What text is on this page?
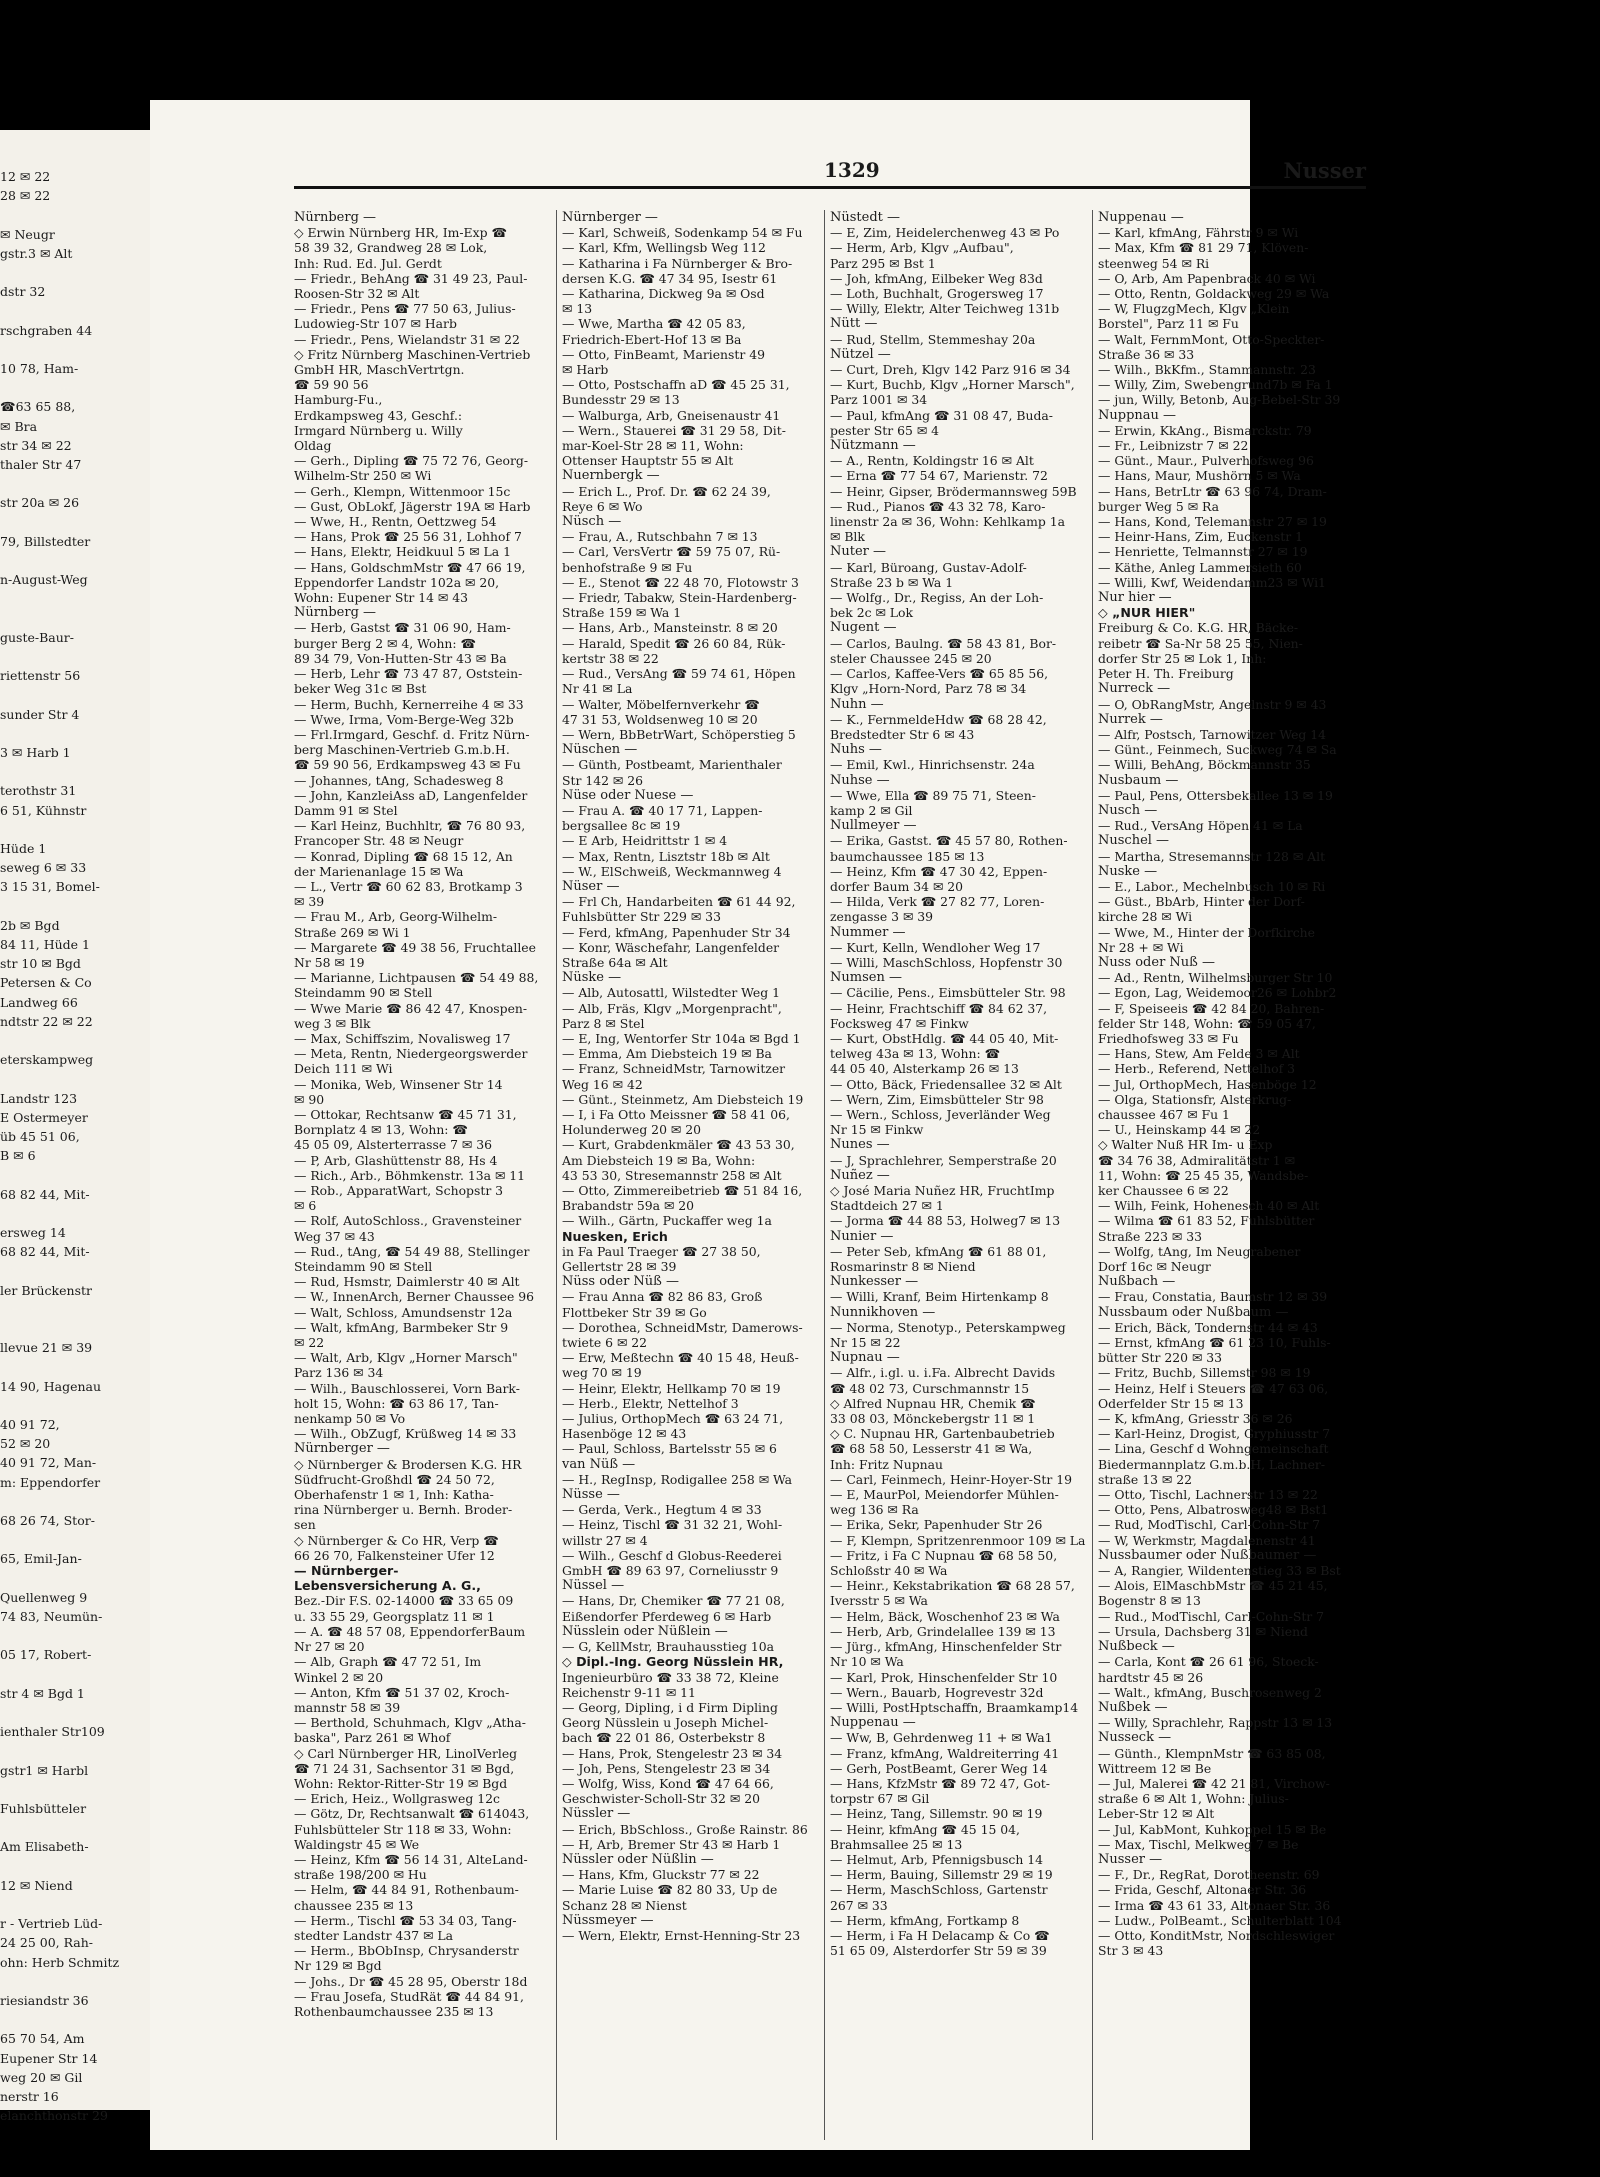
12 ✉ 22
28 ✉ 22
✉ Neugr
gstr.3 ✉ Alt
dstr 32
rschgraben 44
10 78, Ham-
☎63 65 88,
✉ Bra
str 34 ✉ 22
thaler Str 47
str 20a ✉ 26
79, Billstedter
n-August-Weg
guste-Baur-
riettenstr 56
sunder Str 4
3 ✉ Harb 1
terothstr 31
6 51, Kühnstr
Hüde 1
seweg 6 ✉ 33
3 15 31, Bomel-
2b ✉ Bgd
84 11, Hüde 1
str 10 ✉ Bgd
Petersen & Co
Landweg 66
ndtstr 22 ✉ 22
eterskampweg
Landstr 123
E Ostermeyer
üb 45 51 06,
B ✉ 6
68 82 44, Mit-
ersweg 14
68 82 44, Mit-
ler Brückenstr
llevue 21 ✉ 39
14 90, Hagenau
40 91 72,
52 ✉ 20
40 91 72, Man-
m: Eppendorfer
68 26 74, Stor-
65, Emil-Jan-
Quellenweg 9
74 83, Neumün-
05 17, Robert-
str 4 ✉ Bgd 1
ienthaler Str109
gstr1 ✉ Harbl
Fuhlsbütteler
Am Elisabeth-
12 ✉ Niend
r - Vertrieb Lüd-
24 25 00, Rah-
ohn: Herb Schmitz
riesiandstr 36
65 70 54, Am
Eupener Str 14
weg 20 ✉ Gil
nerstr 16
elanchthonstr 29
1329	Nusser
Nürnberg —
◇ Erwin Nürnberg HR, Im-Exp ☎
58 39 32, Grandweg 28 ✉ Lok,
Inh: Rud. Ed. Jul. Gerdt
— Friedr., BehAng ☎ 31 49 23, Paul-
Roosen-Str 32 ✉ Alt
— Friedr., Pens ☎ 77 50 63, Julius-
Ludowieg-Str 107 ✉ Harb
— Friedr., Pens, Wielandstr 31 ✉ 22
◇ Fritz Nürnberg Maschinen-Vertrieb
GmbH HR, MaschVertrtgn.
☎ 59 90 56
Hamburg-Fu.,
Erdkampsweg 43, Geschf.:
Irmgard Nürnberg u. Willy
Oldag
— Gerh., Dipling ☎ 75 72 76, Georg-
Wilhelm-Str 250 ✉ Wi
— Gerh., Klempn, Wittenmoor 15c
— Gust, ObLokf, Jägerstr 19A ✉ Harb
— Wwe, H., Rentn, Oettzweg 54
— Hans, Prok ☎ 25 56 31, Lohhof 7
— Hans, Elektr, Heidkuul 5 ✉ La 1
— Hans, GoldschmMstr ☎ 47 66 19,
Eppendorfer Landstr 102a ✉ 20,
Wohn: Eupener Str 14 ✉ 43
Nürnberg —
— Herb, Gastst ☎ 31 06 90, Ham-
burger Berg 2 ✉ 4, Wohn: ☎
89 34 79, Von-Hutten-Str 43 ✉ Ba
— Herb, Lehr ☎ 73 47 87, Oststein-
beker Weg 31c ✉ Bst
— Herm, Buchh, Kernerreihe 4 ✉ 33
— Wwe, Irma, Vom-Berge-Weg 32b
— Frl.Irmgard, Geschf. d. Fritz Nürn-
berg Maschinen-Vertrieb G.m.b.H.
☎ 59 90 56, Erdkampsweg 43 ✉ Fu
— Johannes, tAng, Schadesweg 8
— John, KanzleiAss aD, Langenfelder
Damm 91 ✉ Stel
— Karl Heinz, Buchhltr, ☎ 76 80 93,
Francoper Str. 48 ✉ Neugr
— Konrad, Dipling ☎ 68 15 12, An
der Marienanlage 15 ✉ Wa
— L., Vertr ☎ 60 62 83, Brotkamp 3
✉ 39
— Frau M., Arb, Georg-Wilhelm-
Straße 269 ✉ Wi 1
— Margarete ☎ 49 38 56, Fruchtallee
Nr 58 ✉ 19
— Marianne, Lichtpausen ☎ 54 49 88,
Steindamm 90 ✉ Stell
— Wwe Marie ☎ 86 42 47, Knospen-
weg 3 ✉ Blk
— Max, Schiffszim, Novalisweg 17
— Meta, Rentn, Niedergeorgswerder
Deich 111 ✉ Wi
— Monika, Web, Winsener Str 14
✉ 90
— Ottokar, Rechtsanw ☎ 45 71 31,
Bornplatz 4 ✉ 13, Wohn: ☎
45 05 09, Alsterterrasse 7 ✉ 36
— P, Arb, Glashüttenstr 88, Hs 4
— Rich., Arb., Böhmkenstr. 13a ✉ 11
— Rob., ApparatWart, Schopstr 3
✉ 6
— Rolf, AutoSchloss., Gravensteiner
Weg 37 ✉ 43
— Rud., tAng, ☎ 54 49 88, Stellinger
Steindamm 90 ✉ Stell
— Rud, Hsmstr, Daimlerstr 40 ✉ Alt
— W., InnenArch, Berner Chaussee 96
— Walt, Schloss, Amundsenstr 12a
— Walt, kfmAng, Barmbeker Str 9
✉ 22
— Walt, Arb, Klgv „Horner Marsch"
Parz 136 ✉ 34
— Wilh., Bauschlosserei, Vorn Bark-
holt 15, Wohn: ☎ 63 86 17, Tan-
nenkamp 50 ✉ Vo
— Wilh., ObZugf, Krüßweg 14 ✉ 33
Nürnberger —
◇ Nürnberger & Brodersen K.G. HR
Südfrucht-Großhdl ☎ 24 50 72,
Oberhafenstr 1 ✉ 1, Inh: Katha-
rina Nürnberger u. Bernh. Broder-
sen
◇ Nürnberger & Co HR, Verp ☎
66 26 70, Falkensteiner Ufer 12
— Nürnberger-
Lebensversicherung A. G.,
Bez.-Dir F.S. 02-14000 ☎ 33 65 09
u. 33 55 29, Georgsplatz 11 ✉ 1
— A. ☎ 48 57 08, EppendorferBaum
Nr 27 ✉ 20
— Alb, Graph ☎ 47 72 51, Im
Winkel 2 ✉ 20
— Anton, Kfm ☎ 51 37 02, Kroch-
mannstr 58 ✉ 39
— Berthold, Schuhmach, Klgv „Atha-
baska", Parz 261 ✉ Whof
◇ Carl Nürnberger HR, LinolVerleg
☎ 71 24 31, Sachsentor 31 ✉ Bgd,
Wohn: Rektor-Ritter-Str 19 ✉ Bgd
— Erich, Heiz., Wollgrasweg 12c
— Götz, Dr, Rechtsanwalt ☎ 614043,
Fuhlsbütteler Str 118 ✉ 33, Wohn:
Waldingstr 45 ✉ We
— Heinz, Kfm ☎ 56 14 31, AlteLand-
straße 198/200 ✉ Hu
— Helm, ☎ 44 84 91, Rothenbaum-
chaussee 235 ✉ 13
— Herm., Tischl ☎ 53 34 03, Tang-
stedter Landstr 437 ✉ La
— Herm., BbObInsp, Chrysanderstr
Nr 129 ✉ Bgd
— Johs., Dr ☎ 45 28 95, Oberstr 18d
— Frau Josefa, StudRät ☎ 44 84 91,
Rothenbaumchaussee 235 ✉ 13
Nürnberger —
— Karl, Schweiß, Sodenkamp 54 ✉ Fu
— Karl, Kfm, Wellingsb Weg 112
— Katharina i Fa Nürnberger & Bro-
dersen K.G. ☎ 47 34 95, Isestr 61
— Katharina, Dickweg 9a ✉ Osd
✉ 13
— Wwe, Martha ☎ 42 05 83,
Friedrich-Ebert-Hof 13 ✉ Ba
— Otto, FinBeamt, Marienstr 49
✉ Harb
— Otto, Postschaffn aD ☎ 45 25 31,
Bundesstr 29 ✉ 13
— Walburga, Arb, Gneisenaustr 41
— Wern., Stauerei ☎ 31 29 58, Dit-
mar-Koel-Str 28 ✉ 11, Wohn:
Ottenser Hauptstr 55 ✉ Alt
Nuernbergk —
— Erich L., Prof. Dr. ☎ 62 24 39,
Reye 6 ✉ Wo
Nüsch —
— Frau, A., Rutschbahn 7 ✉ 13
— Carl, VersVertr ☎ 59 75 07, Rü-
benhofstraße 9 ✉ Fu
— E., Stenot ☎ 22 48 70, Flotowstr 3
— Friedr, Tabakw, Stein-Hardenberg-
Straße 159 ✉ Wa 1
— Hans, Arb., Mansteinstr. 8 ✉ 20
— Harald, Spedit ☎ 26 60 84, Rük-
kertstr 38 ✉ 22
— Rud., VersAng ☎ 59 74 61, Höpen
Nr 41 ✉ La
— Walter, Möbelfernverkehr ☎
47 31 53, Woldsenweg 10 ✉ 20
— Wern, BbBetrWart, Schöperstieg 5
Nüschen —
— Günth, Postbeamt, Marienthaler
Str 142 ✉ 26
Nüse oder Nuese —
— Frau A. ☎ 40 17 71, Lappen-
bergsallee 8c ✉ 19
— E Arb, Heidrittstr 1 ✉ 4
— Max, Rentn, Lisztstr 18b ✉ Alt
— W., ElSchweiß, Weckmannweg 4
Nüser —
— Frl Ch, Handarbeiten ☎ 61 44 92,
Fuhlsbütter Str 229 ✉ 33
— Ferd, kfmAng, Papenhuder Str 34
— Konr, Wäschefahr, Langenfelder
Straße 64a ✉ Alt
Nüske —
— Alb, Autosattl, Wilstedter Weg 1
— Alb, Fräs, Klgv „Morgenpracht",
Parz 8 ✉ Stel
— E, Ing, Wentorfer Str 104a ✉ Bgd 1
— Emma, Am Diebsteich 19 ✉ Ba
— Franz, SchneidMstr, Tarnowitzer
Weg 16 ✉ 42
— Günt., Steinmetz, Am Diebsteich 19
— I, i Fa Otto Meissner ☎ 58 41 06,
Holunderweg 20 ✉ 20
— Kurt, Grabdenkmäler ☎ 43 53 30,
Am Diebsteich 19 ✉ Ba, Wohn:
43 53 30, Stresemannstr 258 ✉ Alt
— Otto, Zimmereibetrieb ☎ 51 84 16,
Brabandstr 59a ✉ 20
— Wilh., Gärtn, Puckaffer weg 1a
Nuesken, Erich
in Fa Paul Traeger ☎ 27 38 50,
Gellertstr 28 ✉ 39
Nüss oder Nüß —
— Frau Anna ☎ 82 86 83, Groß
Flottbeker Str 39 ✉ Go
— Dorothea, SchneidMstr, Damerows-
twiete 6 ✉ 22
— Erw, Meßtechn ☎ 40 15 48, Heuß-
weg 70 ✉ 19
— Heinr, Elektr, Hellkamp 70 ✉ 19
— Herb., Elektr, Nettelhof 3
— Julius, OrthopMech ☎ 63 24 71,
Hasenböge 12 ✉ 43
— Paul, Schloss, Bartelsstr 55 ✉ 6
van Nüß —
— H., RegInsp, Rodigallee 258 ✉ Wa
Nüsse —
— Gerda, Verk., Hegtum 4 ✉ 33
— Heinz, Tischl ☎ 31 32 21, Wohl-
willstr 27 ✉ 4
— Wilh., Geschf d Globus-Reederei
GmbH ☎ 89 63 97, Corneliusstr 9
Nüssel —
— Hans, Dr, Chemiker ☎ 77 21 08,
Eißendorfer Pferdeweg 6 ✉ Harb
Nüsslein oder Nüßlein —
— G, KellMstr, Brauhausstieg 10a
◇ Dipl.-Ing. Georg Nüsslein HR,
Ingenieurbüro ☎ 33 38 72, Kleine
Reichenstr 9-11 ✉ 11
— Georg, Dipling, i d Firm Dipling
Georg Nüsslein u Joseph Michel-
bach ☎ 22 01 86, Osterbekstr 8
— Hans, Prok, Stengelestr 23 ✉ 34
— Joh, Pens, Stengelestr 23 ✉ 34
— Wolfg, Wiss, Kond ☎ 47 64 66,
Geschwister-Scholl-Str 32 ✉ 20
Nüssler —
— Erich, BbSchloss., Große Rainstr. 86
— H, Arb, Bremer Str 43 ✉ Harb 1
Nüssler oder Nüßlin —
— Hans, Kfm, Gluckstr 77 ✉ 22
— Marie Luise ☎ 82 80 33, Up de
Schanz 28 ✉ Nienst
Nüssmeyer —
— Wern, Elektr, Ernst-Henning-Str 23
Nüstedt —
— E, Zim, Heidelerchenweg 43 ✉ Po
— Herm, Arb, Klgv „Aufbau",
Parz 295 ✉ Bst 1
— Joh, kfmAng, Eilbeker Weg 83d
— Loth, Buchhalt, Grogersweg 17
— Willy, Elektr, Alter Teichweg 131b
Nütt —
— Rud, Stellm, Stemmeshay 20a
Nützel —
— Curt, Dreh, Klgv 142 Parz 916 ✉ 34
— Kurt, Buchb, Klgv „Horner Marsch",
Parz 1001 ✉ 34
— Paul, kfmAng ☎ 31 08 47, Buda-
pester Str 65 ✉ 4
Nützmann —
— A., Rentn, Koldingstr 16 ✉ Alt
— Erna ☎ 77 54 67, Marienstr. 72
— Heinr, Gipser, Brödermannsweg 59B
— Rud., Pianos ☎ 43 32 78, Karo-
linenstr 2a ✉ 36, Wohn: Kehlkamp 1a
✉ Blk
Nuter —
— Karl, Büroang, Gustav-Adolf-
Straße 23 b ✉ Wa 1
— Wolfg., Dr., Regiss, An der Loh-
bek 2c ✉ Lok
Nugent —
— Carlos, Baulng. ☎ 58 43 81, Bor-
steler Chaussee 245 ✉ 20
— Carlos, Kaffee-Vers ☎ 65 85 56,
Klgv „Horn-Nord, Parz 78 ✉ 34
Nuhn —
— K., FernmeldeHdw ☎ 68 28 42,
Bredstedter Str 6 ✉ 43
Nuhs —
— Emil, Kwl., Hinrichsenstr. 24a
Nuhse —
— Wwe, Ella ☎ 89 75 71, Steen-
kamp 2 ✉ Gil
Nullmeyer —
— Erika, Gastst. ☎ 45 57 80, Rothen-
baumchaussee 185 ✉ 13
— Heinz, Kfm ☎ 47 30 42, Eppen-
dorfer Baum 34 ✉ 20
— Hilda, Verk ☎ 27 82 77, Loren-
zengasse 3 ✉ 39
Nummer —
— Kurt, Kelln, Wendloher Weg 17
— Willi, MaschSchloss, Hopfenstr 30
Numsen —
— Cäcilie, Pens., Eimsbütteler Str. 98
— Heinr, Frachtschiff ☎ 84 62 37,
Focksweg 47 ✉ Finkw
— Kurt, ObstHdlg. ☎ 44 05 40, Mit-
telweg 43a ✉ 13, Wohn: ☎
44 05 40, Alsterkamp 26 ✉ 13
— Otto, Bäck, Friedensallee 32 ✉ Alt
— Wern, Zim, Eimsbütteler Str 98
— Wern., Schloss, Jeverländer Weg
Nr 15 ✉ Finkw
Nunes —
— J, Sprachlehrer, Semperstraße 20
Nuñez —
◇ José Maria Nuñez HR, FruchtImp
Stadtdeich 27 ✉ 1
— Jorma ☎ 44 88 53, Holweg7 ✉ 13
Nunier —
— Peter Seb, kfmAng ☎ 61 88 01,
Rosmarinstr 8 ✉ Niend
Nunkesser —
— Willi, Kranf, Beim Hirtenkamp 8
Nunnikhoven —
— Norma, Stenotyp., Peterskampweg
Nr 15 ✉ 22
Nupnau —
— Alfr., i.gl. u. i.Fa. Albrecht Davids
☎ 48 02 73, Curschmannstr 15
◇ Alfred Nupnau HR, Chemik ☎
33 08 03, Mönckebergstr 11 ✉ 1
◇ C. Nupnau HR, Gartenbaubetrieb
☎ 68 58 50, Lesserstr 41 ✉ Wa,
Inh: Fritz Nupnau
— Carl, Feinmech, Heinr-Hoyer-Str 19
— E, MaurPol, Meiendorfer Mühlen-
weg 136 ✉ Ra
— Erika, Sekr, Papenhuder Str 26
— F, Klempn, Spritzenrenmoor 109 ✉ La
— Fritz, i Fa C Nupnau ☎ 68 58 50,
Schloßstr 40 ✉ Wa
— Heinr., Kekstabrikation ☎ 68 28 57,
Iversstr 5 ✉ Wa
— Helm, Bäck, Woschenhof 23 ✉ Wa
— Herb, Arb, Grindelallee 139 ✉ 13
— Jürg., kfmAng, Hinschenfelder Str
Nr 10 ✉ Wa
— Karl, Prok, Hinschenfelder Str 10
— Wern., Bauarb, Hogrevestr 32d
— Willi, PostHptschaffn, Braamkamp14
Nuppenau —
— Ww, B, Gehrdenweg 11 + ✉ Wa1
— Franz, kfmAng, Waldreiterring 41
— Gerh, PostBeamt, Gerer Weg 14
— Hans, KfzMstr ☎ 89 72 47, Got-
torpstr 67 ✉ Gil
— Heinz, Tang, Sillemstr. 90 ✉ 19
— Heinr, kfmAng ☎ 45 15 04,
Brahmsallee 25 ✉ 13
— Helmut, Arb, Pfennigsbusch 14
— Herm, Bauing, Sillemstr 29 ✉ 19
— Herm, MaschSchloss, Gartenstr
267 ✉ 33
— Herm, kfmAng, Fortkamp 8
— Herm, i Fa H Delacamp & Co ☎
51 65 09, Alsterdorfer Str 59 ✉ 39
Nuppenau —
— Karl, kfmAng, Fährstr 9 ✉ Wi
— Max, Kfm ☎ 81 29 71, Klöven-
steenweg 54 ✉ Ri
— O, Arb, Am Papenbrack 40 ✉ Wi
— Otto, Rentn, Goldackweg 29 ✉ Wa
— W, FlugzgMech, Klgv „Klein
Borstel", Parz 11 ✉ Fu
— Walt, FernmMont, Otto-Speckter-
Straße 36 ✉ 33
— Wilh., BkKfm., Stammannstr. 23
— Willy, Zim, Swebengrund7b ✉ Fa 1
— jun, Willy, Betonb, Aug-Bebel-Str 39
Nuppnau —
— Erwin, KkAng., Bismarckstr. 79
— Fr., Leibnizstr 7 ✉ 22
— Günt., Maur., Pulverhofsweg 96
— Hans, Maur, Mushörn 5 ✉ Wa
— Hans, BetrLtr ☎ 63 96 74, Dram-
burger Weg 5 ✉ Ra
— Hans, Kond, Telemannstr 27 ✉ 19
— Heinr-Hans, Zim, Euckenstr 1
— Henriette, Telmannstr 27 ✉ 19
— Käthe, Anleg Lammersieth 60
— Willi, Kwf, Weidendamm23 ✉ Wi1
Nur hier —
◇ „NUR HIER"
Freiburg & Co. K.G. HR, Bäcke-
reibetr ☎ Sa-Nr 58 25 55, Nien-
dorfer Str 25 ✉ Lok 1, Inh:
Peter H. Th. Freiburg
Nurreck —
— O, ObRangMstr, Angelnstr 9 ✉ 43
Nurrek —
— Alfr, Postsch, Tarnowitzer Weg 14
— Günt., Feinmech, Suckweg 74 ✉ Sa
— Willi, BehAng, Böckmannstr 35
Nusbaum —
— Paul, Pens, Ottersbekallee 13 ✉ 19
Nusch —
— Rud., VersAng Höpen 41 ✉ La
Nuschel —
— Martha, Stresemannstr 128 ✉ Alt
Nuske —
— E., Labor., Mechelnbusch 10 ✉ Ri
— Güst., BbArb, Hinter der Dorf-
kirche 28 ✉ Wi
— Wwe, M., Hinter der Dorfkirche
Nr 28 + ✉ Wi
Nuss oder Nuß —
— Ad., Rentn, Wilhelmsburger Str 10
— Egon, Lag, Weidemoor26 ✉ Lohbr2
— F, Speiseeis ☎ 42 84 20, Bahren-
felder Str 148, Wohn: ☎ 59 05 47,
Friedhofsweg 33 ✉ Fu
— Hans, Stew, Am Felde 3 ✉ Alt
— Herb., Referend, Nettelhof 3
— Jul, OrthopMech, Hasenböge 12
— Olga, Stationsfr, Alsterkrug-
chaussee 467 ✉ Fu 1
— U., Heinskamp 44 ✉ 22
◇ Walter Nuß HR Im- u Exp
☎ 34 76 38, Admiralitätstr 1 ✉
11, Wohn: ☎ 25 45 35, Wandsbe-
ker Chaussee 6 ✉ 22
— Wilh, Feink, Hohenesch 40 ✉ Alt
— Wilma ☎ 61 83 52, Fuhlsbütter
Straße 223 ✉ 33
— Wolfg, tAng, Im Neugrabener
Dorf 16c ✉ Neugr
Nußbach —
— Frau, Constatia, Baumstr 12 ✉ 39
Nussbaum oder Nußbaum —
— Erich, Bäck, Tondernstr 44 ✉ 43
— Ernst, kfmAng ☎ 61 23 10, Fuhls-
bütter Str 220 ✉ 33
— Fritz, Buchb, Sillemstr 98 ✉ 19
— Heinz, Helf i Steuers ☎ 47 63 06,
Oderfelder Str 15 ✉ 13
— K, kfmAng, Griesstr 36 ✉ 26
— Karl-Heinz, Drogist, Gryphiusstr 7
— Lina, Geschf d Wohngemeinschaft
Biedermannplatz G.m.b.H, Lachner-
straße 13 ✉ 22
— Otto, Tischl, Lachnerstr 13 ✉ 22
— Otto, Pens, Albatrosweg48 ✉ Bst1
— Rud, ModTischl, Carl-Cohn-Str 7
— W, Werkmstr, Magdalenenstr 41
Nussbaumer oder Nußbaumer —
— A, Rangier, Wildentenstieg 33 ✉ Bst
— Alois, ElMaschbMstr ☎ 45 21 45,
Bogenstr 8 ✉ 13
— Rud., ModTischl, Carl-Cohn-Str 7
— Ursula, Dachsberg 31 ✉ Niend
Nußbeck —
— Carla, Kont ☎ 26 61 96, Stoeck-
hardtstr 45 ✉ 26
— Walt., kfmAng, Buschrosenweg 2
Nußbek —
— Willy, Sprachlehr, Rappstr 13 ✉ 13
Nusseck —
— Günth., KlempnMstr ☎ 63 85 08,
Wittreem 12 ✉ Be
— Jul, Malerei ☎ 42 21 81, Virchow-
straße 6 ✉ Alt 1, Wohn: Julius-
Leber-Str 12 ✉ Alt
— Jul, KabMont, Kuhkoppel 15 ✉ Be
— Max, Tischl, Melkweg 7 ✉ Be
Nusser —
— F., Dr., RegRat, Dorotheenstr. 69
— Frida, Geschf, Altonaer Str. 36
— Irma ☎ 43 61 33, Altonaer Str. 36
— Ludw., PolBeamt., Schulterblatt 104
— Otto, KonditMstr, Nordschleswiger
Str 3 ✉ 43
